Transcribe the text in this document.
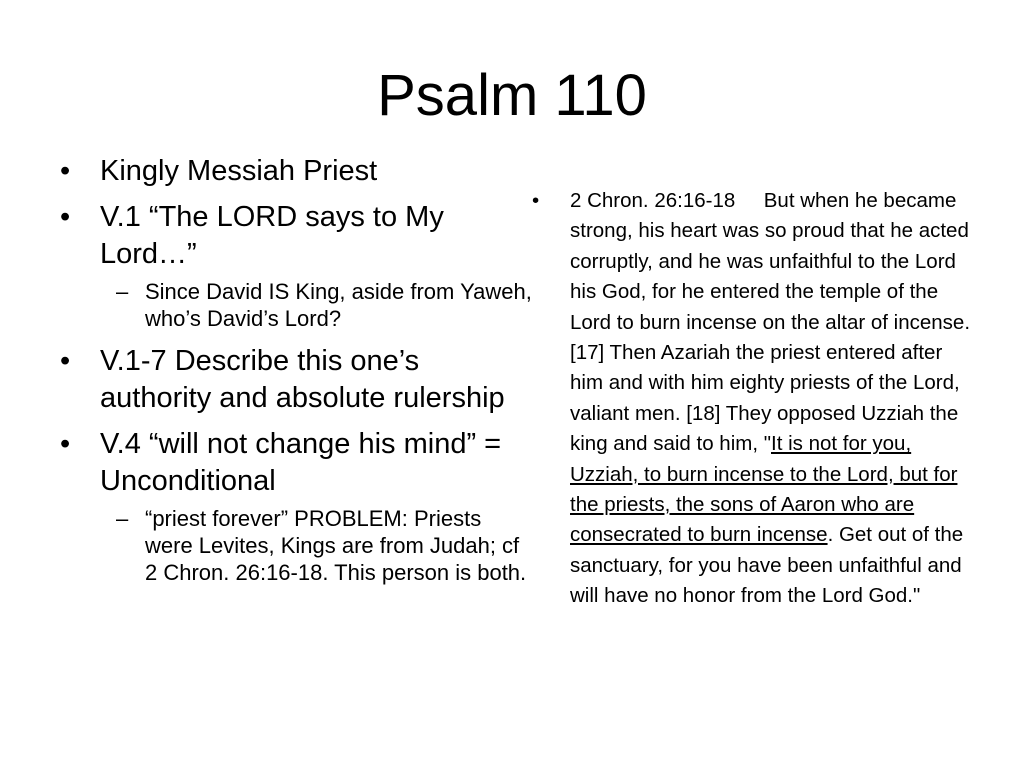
Psalm 110
• Kingly Messiah Priest
• V.1 “The LORD says to My Lord…”
– Since David IS King, aside from Yaweh, who’s David’s Lord?
• V.1-7 Describe this one’s authority and absolute rulership
• V.4 “will not change his mind” = Unconditional
– “priest forever” PROBLEM: Priests were Levites, Kings are from Judah; cf 2 Chron. 26:16-18. This person is both.
• 2 Chron. 26:16-18 But when he became strong, his heart was so proud that he acted corruptly, and he was unfaithful to the Lord his God, for he entered the temple of the Lord to burn incense on the altar of incense. [17] Then Azariah the priest entered after him and with him eighty priests of the Lord, valiant men. [18] They opposed Uzziah the king and said to him, "It is not for you, Uzziah, to burn incense to the Lord, but for the priests, the sons of Aaron who are consecrated to burn incense. Get out of the sanctuary, for you have been unfaithful and will have no honor from the Lord God."
